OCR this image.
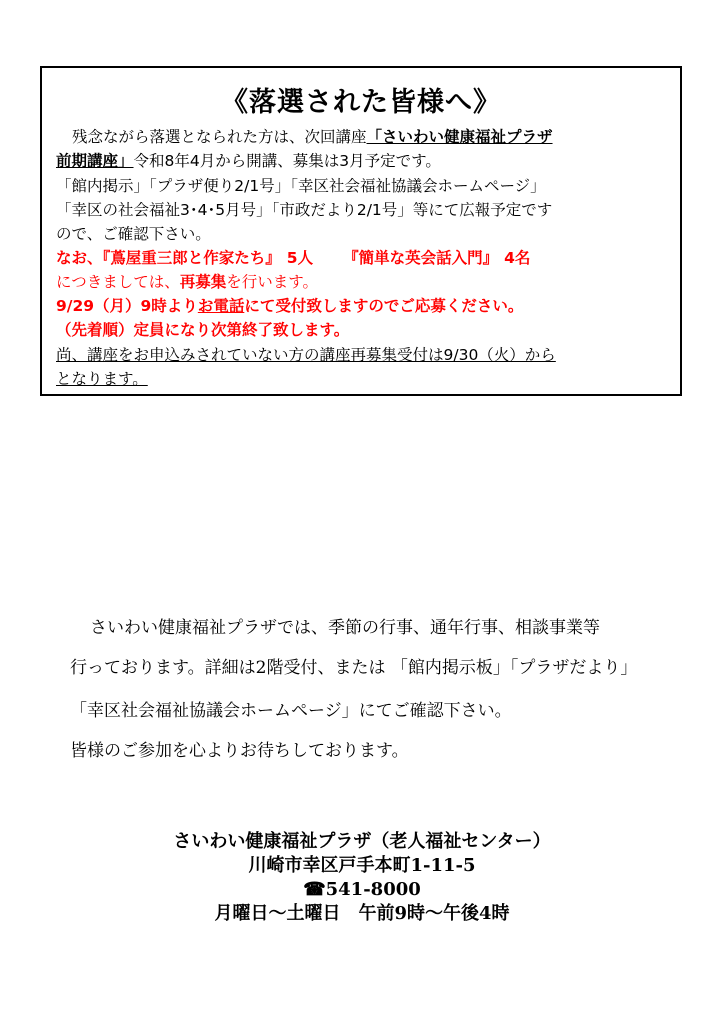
《落選された皆様へ》
残念ながら落選となられた方は、次回講座「さいわい健康福祉プラザ
前期講座」令和8年4月から開講、募集は3月予定です。
「館内掲示」「プラザ便り2/1号」「幸区社会福祉協議会ホームページ」
「幸区の社会福祉3･4･5月号」「市政だより2/1号」等にて広報予定です
ので、ご確認下さい。
なお、『蔦屋重三郎と作家たち』 5人 『簡単な英会話入門』 4名
につきましては、再募集を行います。
9/29（月）9時よりお電話にて受付致しますのでご応募ください。
（先着順）定員になり次第終了致します。
尚、講座をお申込みされていない方の講座再募集受付は9/30（火）から
となります。
さいわい健康福祉プラザでは、季節の行事、通年行事、相談事業等
行っております。詳細は2階受付、または 「館内掲示板」「プラザだより」
「幸区社会福祉協議会ホームページ」にてご確認下さい。
皆様のご参加を心よりお待ちしております。
さいわい健康福祉プラザ（老人福祉センター）
川崎市幸区戸手本町1-11-5
☎541-8000
月曜日～土曜日　午前9時～午後4時
